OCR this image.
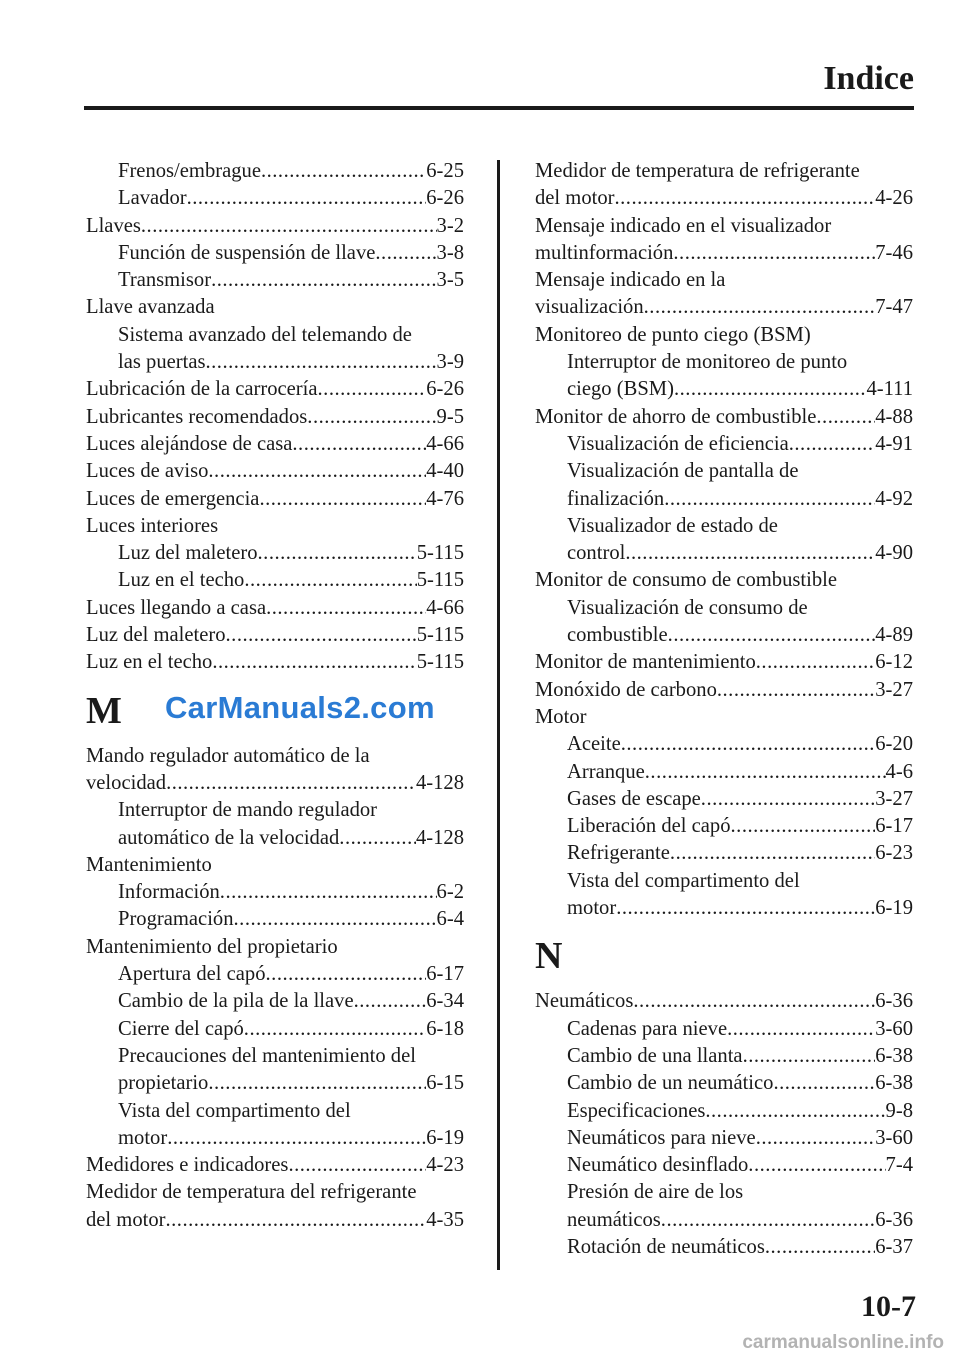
Indice
Frenos/embrague .....	6-25
Lavador .....	6-26
Llaves .....	3-2
Función de suspensión de llave .....	3-8
Transmisor .....	3-5
Llave avanzada
Sistema avanzado del telemando de
las puertas .....	3-9
Lubricación de la carrocería .....	6-26
Lubricantes recomendados .....	9-5
Luces alejándose de casa .....	4-66
Luces de aviso .....	4-40
Luces de emergencia .....	4-76
Luces interiores
Luz del maletero .....	5-115
Luz en el techo .....	5-115
Luces llegando a casa .....	4-66
Luz del maletero .....	5-115
Luz en el techo .....	5-115
M
Mando regulador automático de la
velocidad .....	4-128
Interruptor de mando regulador
automático de la velocidad .....	4-128
Mantenimiento
Información .....	6-2
Programación .....	6-4
Mantenimiento del propietario
Apertura del capó .....	6-17
Cambio de la pila de la llave .....	6-34
Cierre del capó .....	6-18
Precauciones del mantenimiento del
propietario .....	6-15
Vista del compartimento del
motor .....	6-19
Medidores e indicadores .....	4-23
Medidor de temperatura del refrigerante
del motor .....	4-35
Medidor de temperatura de refrigerante
del motor .....	4-26
Mensaje indicado en el visualizador
multinformación .....	7-46
Mensaje indicado en la
visualización .....	7-47
Monitoreo de punto ciego (BSM)
Interruptor de monitoreo de punto
ciego (BSM) .....	4-111
Monitor de ahorro de combustible .....	4-88
Visualización de eficiencia .....	4-91
Visualización de pantalla de
finalización .....	4-92
Visualizador de estado de
control .....	4-90
Monitor de consumo de combustible
Visualización de consumo de
combustible .....	4-89
Monitor de mantenimiento .....	6-12
Monóxido de carbono .....	3-27
Motor
Aceite .....	6-20
Arranque .....	4-6
Gases de escape .....	3-27
Liberación del capó .....	6-17
Refrigerante .....	6-23
Vista del compartimento del
motor .....	6-19
N
Neumáticos .....	6-36
Cadenas para nieve .....	3-60
Cambio de una llanta .....	6-38
Cambio de un neumático .....	6-38
Especificaciones .....	9-8
Neumáticos para nieve .....	3-60
Neumático desinflado .....	7-4
Presión de aire de los
neumáticos .....	6-36
Rotación de neumáticos .....	6-37
CarManuals2.com
10-7
carmanualsonline.info
